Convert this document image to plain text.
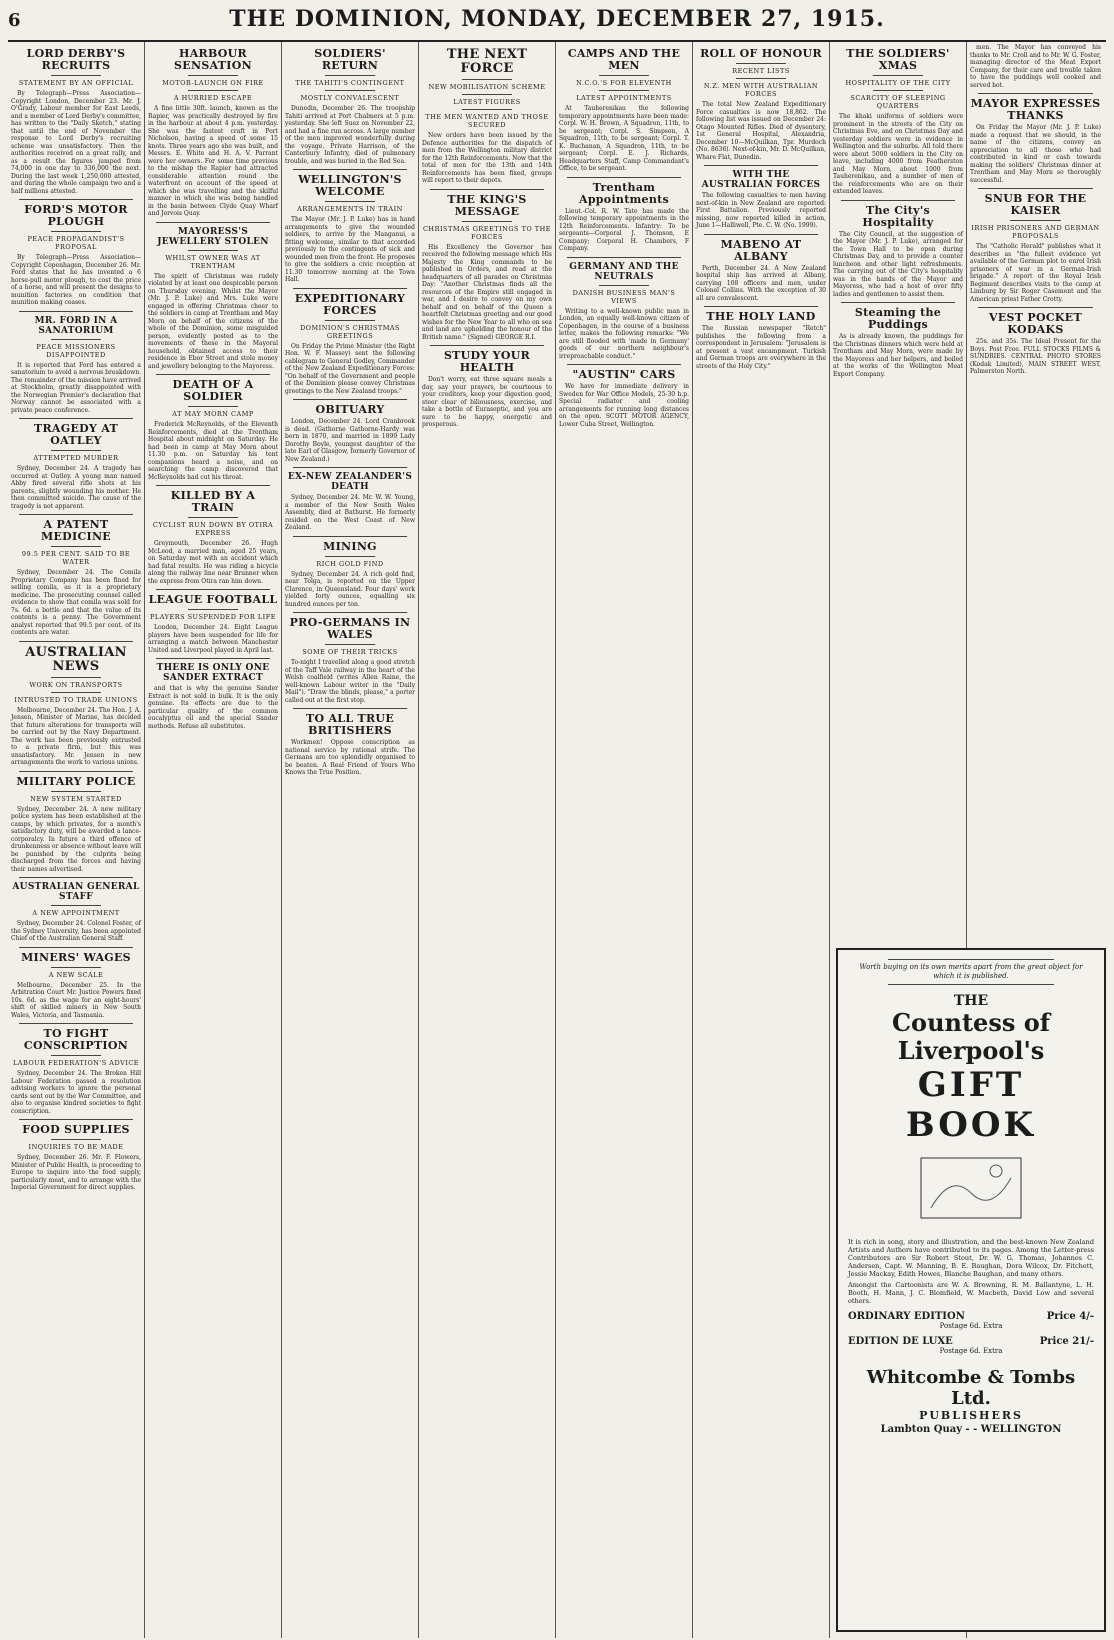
6	THE DOMINION, MONDAY, DECEMBER 27, 1915.
LORD DERBY'S RECRUITS
STATEMENT BY AN OFFICIAL

By Telegraph—Press Association—Copyright London, December 23. Mr. J. O'Grady, Labour member for East Leeds, and a member of Lord Derby's committee, has written to the "Daily Sketch," stating that until the end of November the response to Lord Derby's recruiting scheme was unsatisfactory. Then the authorities received on a great rally, and as a result the figures jumped from 74,000 in one day to 336,000 the next. During the last week 1,250,000 attested, and during the whole campaign two and a half millions attested.

FORD'S MOTOR PLOUGH
PEACE PROPAGANDIST'S PROPOSAL

By Telegraph—Press Association—Copyright Copenhagen, December 26. Mr. Ford states that he has invented a 6 horse-pull motor plough, to cost the price of a horse, and will present the designs to munition factories on condition that munition making ceases.

MR. FORD IN A SANATORIUM
PEACE MISSIONERS DISAPPOINTED

It is reported that Ford has entered a sanatorium to avoid a nervous breakdown. The remainder of the mission have arrived at Stockholm, greatly disappointed with the Norwegian Premier's declaration that Norway cannot be associated with a private peace conference.

TRAGEDY AT OATLEY
ATTEMPTED MURDER

Sydney, December 24. A tragedy has occurred at Oatley. A young man named Abby fired several rifle shots at his parents, slightly wounding his mother. He then committed suicide. The cause of the tragedy is not apparent.

A PATENT MEDICINE
99.5 PER CENT. SAID TO BE WATER

Sydney, December 24. The Comila Proprietary Company has been fined for selling comila, as it is a proprietary medicine. The prosecuting counsel called evidence to show that comila was sold for 7s. 6d. a bottle and that the value of its contents is a penny. The Government analyst reported that 99.5 per cent. of its contents are water.

AUSTRALIAN NEWS
WORK ON TRANSPORTS
INTRUSTED TO TRADE UNIONS

Melbourne, December 24. The Hon. J. A. Jensen, Minister of Marine, has decided that future alterations for transports will be carried out by the Navy Department. The work has been previously entrusted to a private firm, but this was unsatisfactory. Mr. Jensen in new arrangements the work to various unions.

MILITARY POLICE
NEW SYSTEM STARTED

Sydney, December 24. A new military police system has been established at the camps, by which privates, for a month's satisfactory duty, will be awarded a lance-corporalcy. In future a third offence of drunkenness or absence without leave will be punished by the culprits being discharged from the forces and having their names advertised.

AUSTRALIAN GENERAL STAFF
A NEW APPOINTMENT

Sydney, December 24. Colonel Foster, of the Sydney University, has been appointed Chief of the Australian General Staff.

MINERS' WAGES
A NEW SCALE

Melbourne, December 25. In the Arbitration Court Mr. Justice Powers fixed 10s. 6d. as the wage for an eight-hours' shift of skilled miners in New South Wales, Victoria, and Tasmania.

TO FIGHT CONSCRIPTION
LABOUR FEDERATION'S ADVICE

Sydney, December 24. The Broken Hill Labour Federation passed a resolution advising workers to ignore the personal cards sent out by the War Committee, and also to organise kindred societies to fight conscription.

FOOD SUPPLIES
INQUIRIES TO BE MADE

Sydney, December 26. Mr. F. Flowers, Minister of Public Health, is proceeding to Europe to inquire into the food supply, particularly meat, and to arrange with the Imperial Government for direct supplies.

HARBOUR SENSATION
MOTOR-LAUNCH ON FIRE
A HURRIED ESCAPE

A fine little 30ft. launch, known as the Rapier, was practically destroyed by fire in the harbour at about 4 p.m. yesterday. She was the fastest craft in Port Nicholson, having a speed of some 15 knots. Three years ago she was built, and Messrs. E. White and H. A. V. Parrant were her owners. For some time previous to the mishap the Rapier had attracted considerable attention round the waterfront on account of the speed at which she was travelling and the skilful manner in which she was being handled in the basin between Clyde Quay Wharf and Jervois Quay.

MAYORESS'S JEWELLERY STOLEN
WHILST OWNER WAS AT TRENTHAM

The spirit of Christmas was rudely violated by at least one despicable person on Thursday evening. Whilst the Mayor (Mr. J. P. Luke) and Mrs. Luke were engaged in offering Christmas cheer to the soldiers in camp at Trentham and May Morn on behalf of the citizens of the whole of the Dominion, some misguided person, evidently posted as to the movements of these in the Mayoral household, obtained access to their residence in Ebor Street and stole money and jewellery belonging to the Mayoress.

DEATH OF A SOLDIER
AT MAY MORN CAMP

Frederick McReynolds, of the Eleventh Reinforcements, died at the Trentham Hospital about midnight on Saturday. He had been in camp at May Morn about 11.30 p.m. on Saturday his tent companions heard a noise, and on searching the camp discovered that McReynolds had cut his throat.

KILLED BY A TRAIN
CYCLIST RUN DOWN BY OTIRA EXPRESS

Greymouth, December 26. Hugh McLeod, a married man, aged 25 years, on Saturday met with an accident which had fatal results. He was riding a bicycle along the railway line near Brunner when the express from Otira ran him down.

LEAGUE FOOTBALL
PLAYERS SUSPENDED FOR LIFE

London, December 24. Eight League players have been suspended for life for arranging a match between Manchester United and Liverpool played in April last.

THERE IS ONLY ONE SANDER EXTRACT

and that is why the genuine Sander Extract is not sold in bulk. It is the only genuine. Its effects are due to the particular quality of the common eucalyptus oil and the special Sander methods. Refuse all substitutes.

SOLDIERS' RETURN
THE TAHITI'S CONTINGENT
MOSTLY CONVALESCENT

Dunedin, December 26. The troopship Tahiti arrived at Port Chalmers at 5 p.m. yesterday. She left Suez on November 22, and had a fine run across. A large number of the men improved wonderfully during the voyage. Private Harrison, of the Canterbury Infantry, died of pulmonary trouble, and was buried in the Red Sea.

WELLINGTON'S WELCOME
ARRANGEMENTS IN TRAIN

The Mayor (Mr. J. P. Luke) has in hand arrangements to give the wounded soldiers, to arrive by the Manganui, a fitting welcome, similar to that accorded previously to the contingents of sick and wounded men from the front. He proposes to give the soldiers a civic reception at 11.30 tomorrow morning at the Town Hall.

EXPEDITIONARY FORCES
DOMINION'S CHRISTMAS GREETINGS

On Friday the Prime Minister (the Right Hon. W. F. Massey) sent the following cablegram to General Godley, Commander of the New Zealand Expeditionary Forces: "On behalf of the Government and people of the Dominion please convey Christmas greetings to the New Zealand troops."

OBITUARY

London, December 24. Lord Cranbrook is dead. (Gathorne Gathorne-Hardy was born in 1870, and married in 1899 Lady Dorothy Boyle, youngest daughter of the late Earl of Glasgow, formerly Governor of New Zealand.)

EX-NEW ZEALANDER'S DEATH

Sydney, December 24. Mr. W. W. Young, a member of the New South Wales Assembly, died at Bathurst. He formerly resided on the West Coast of New Zealand.

MINING
RICH GOLD FIND

Sydney, December 24. A rich gold find, near Tolga, is reported on the Upper Clarence, in Queensland. Four days' work yielded forty ounces, equalling six hundred ounces per ton.

PRO-GERMANS IN WALES
SOME OF THEIR TRICKS

To-night I travelled along a good stretch of the Taff Vale railway in the heart of the Welsh coalfield (writes Allen Raine, the well-known Labour writer in the "Daily Mail"). "Draw the blinds, please," a porter called out at the first stop.

TO ALL TRUE BRITISHERS

Workmen! Oppose conscription as national service by rational strife. The Germans are too splendidly organised to be beaten. A Real Friend of Yours Who Knows the True Position.

THE NEXT FORCE
NEW MOBILISATION SCHEME
LATEST FIGURES
THE MEN WANTED AND THOSE SECURED

New orders have been issued by the Defence authorities for the dispatch of men from the Wellington military district for the 12th Reinforcements. Now that the total of men for the 13th and 14th Reinforcements has been fixed, groups will report to their depots.

THE KING'S MESSAGE
CHRISTMAS GREETINGS TO THE FORCES

His Excellency the Governor has received the following message which His Majesty the King commands to be published in Orders, and read at the headquarters of all parades on Christmas Day: "Another Christmas finds all the resources of the Empire still engaged in war, and I desire to convey on my own behalf and on behalf of the Queen a heartfelt Christmas greeting and our good wishes for the New Year to all who on sea and land are upholding the honour of the British name." (Signed) GEORGE R.I.

STUDY YOUR HEALTH

Don't worry, eat three square meals a day, say your prayers, be courteous to your creditors, keep your digestion good, steer clear of biliousness, exercise, and take a bottle of Euraseptic, and you are sure to be happy, energetic and prosperous.

CAMPS AND THE MEN
N.C.O.'S FOR ELEVENTH
LATEST APPOINTMENTS

At Tauherenikau the following temporary appointments have been made: Corpl. W. H. Brown, A Squadron, 11th, to be sergeant; Corpl. S. Simpson, A Squadron, 11th, to be sergeant; Corpl. T. K. Buchanan, A Squadron, 11th, to be sergeant; Corpl. E. J. Richards, Headquarters Staff, Camp Commandant's Office, to be sergeant.

Trentham Appointments

Lieut.-Col. R. W. Tate has made the following temporary appointments in the 12th Reinforcements. Infantry: To be sergeants—Corporal J. Thomson, E Company; Corporal H. Chambers, F Company.

GERMANY AND THE NEUTRALS
DANISH BUSINESS MAN'S VIEWS

Writing to a well-known public man in London, an equally well-known citizen of Copenhagen, in the course of a business letter, makes the following remarks: "We are still flooded with 'made in Germany' goods of our northern neighbour's irreproachable conduct."

"AUSTIN" CARS

We have for immediate delivery in Sweden for War Office Models, 25-30 h.p. Special radiator and cooling arrangements for running long distances on the open. SCOTT MOTOR AGENCY, Lower Cuba Street, Wellington.

ROLL OF HONOUR
RECENT LISTS
N.Z. MEN WITH AUSTRALIAN FORCES

The total New Zealand Expeditionary Force casualties is now 18,862. The following list was issued on December 24: Otago Mounted Rifles. Died of dysentery, 1st General Hospital, Alexandria, December 10—McQuilkan, Tpr. Murdoch (No. 8636). Next-of-kin, Mr. D. McQuilkan, Whare Flat, Dunedin.

WITH THE AUSTRALIAN FORCES

The following casualties to men having next-of-kin in New Zealand are reported: First Battalion. Previously reported missing, now reported killed in action, June 1—Halliwell, Pte. C. W. (No. 1999).

MABENO AT ALBANY

Perth, December 24. A New Zealand hospital ship has arrived at Albany, carrying 108 officers and men, under Colonel Collins. With the exception of 30 all are convalescent.

THE HOLY LAND

The Russian newspaper "Retch" publishes the following from a correspondent in Jerusalem: "Jerusalem is at present a vast encampment. Turkish and German troops are everywhere in the streets of the Holy City."

THE SOLDIERS' XMAS
HOSPITALITY OF THE CITY
SCARCITY OF SLEEPING QUARTERS

The khaki uniforms of soldiers were prominent in the streets of the City on Christmas Eve, and on Christmas Day and yesterday soldiers were in evidence in Wellington and the suburbs. All told there were about 5000 soldiers in the City on leave, including 4000 from Featherston and May Morn, about 1000 from Tauherenikau, and a number of men of the reinforcements who are on their extended leaves.

The City's Hospitality

The City Council, at the suggestion of the Mayor (Mr. J. P. Luke), arranged for the Town Hall to be open during Christmas Day, and to provide a counter luncheon and other light refreshments. The carrying out of the City's hospitality was in the hands of the Mayor and Mayoress, who had a host of over fifty ladies and gentlemen to assist them.

Steaming the Puddings

As is already known, the puddings for the Christmas dinners which were held at Trentham and May Morn, were made by the Mayoress and her helpers, and boiled at the works of the Wellington Meat Export Company.

men. The Mayor has conveyed his thanks to Mr. Croll and to Mr. W. G. Foster, managing director of the Meat Export Company, for their care and trouble taken to have the puddings well cooked and served hot.

MAYOR EXPRESSES THANKS

On Friday the Mayor (Mr. J. P. Luke) made a request that we should, in the name of the citizens, convey an appreciation to all those who had contributed in kind or cash towards making the soldiers' Christmas dinner at Trentham and May Morn so thoroughly successful.

SNUB FOR THE KAISER
IRISH PRISONERS AND GERMAN PROPOSALS

The "Catholic Herald" publishes what it describes as "the fullest evidence yet available of the German plot to enrol Irish prisoners of war in a German-Irish brigade." A report of the Royal Irish Regiment describes visits to the camp at Limburg by Sir Roger Casement and the American priest Father Crotty.

VEST POCKET KODAKS

25s. and 35s. The Ideal Present for the Boys. Post Free. FULL STOCKS FILMS & SUNDRIES. CENTRAL PHOTO STORES (Kodak Limited), MAIN STREET WEST, Palmerston North.

Worth buying on its own merits apart from the great object for which it is published.
THE
Countess of Liverpool's
GIFT BOOK
It is rich in song, story and illustration, and the best-known New Zealand Artists and Authors have contributed to its pages. Among the Letter-press Contributors are Sir Robert Stout, Dr. W. G. Thomas, Johannes C. Andersen, Capt. W. Manning, B. E. Baughan, Dora Wilcox, Dr. Fitchett, Jessie Mackay, Edith Howes, Blanche Baughan, and many others.
Amongst the Cartoonists are W. A. Browning, R. M. Ballantyne, L. H. Booth, H. Mann, J. C. Blomfield, W. Macbeth, David Low and several others.
ORDINARY EDITION	Price 4/-
Postage 6d. Extra
EDITION DE LUXE	Price 21/-
Postage 6d. Extra
Whitcombe & Tombs Ltd.
PUBLISHERS
Lambton Quay - - WELLINGTON
